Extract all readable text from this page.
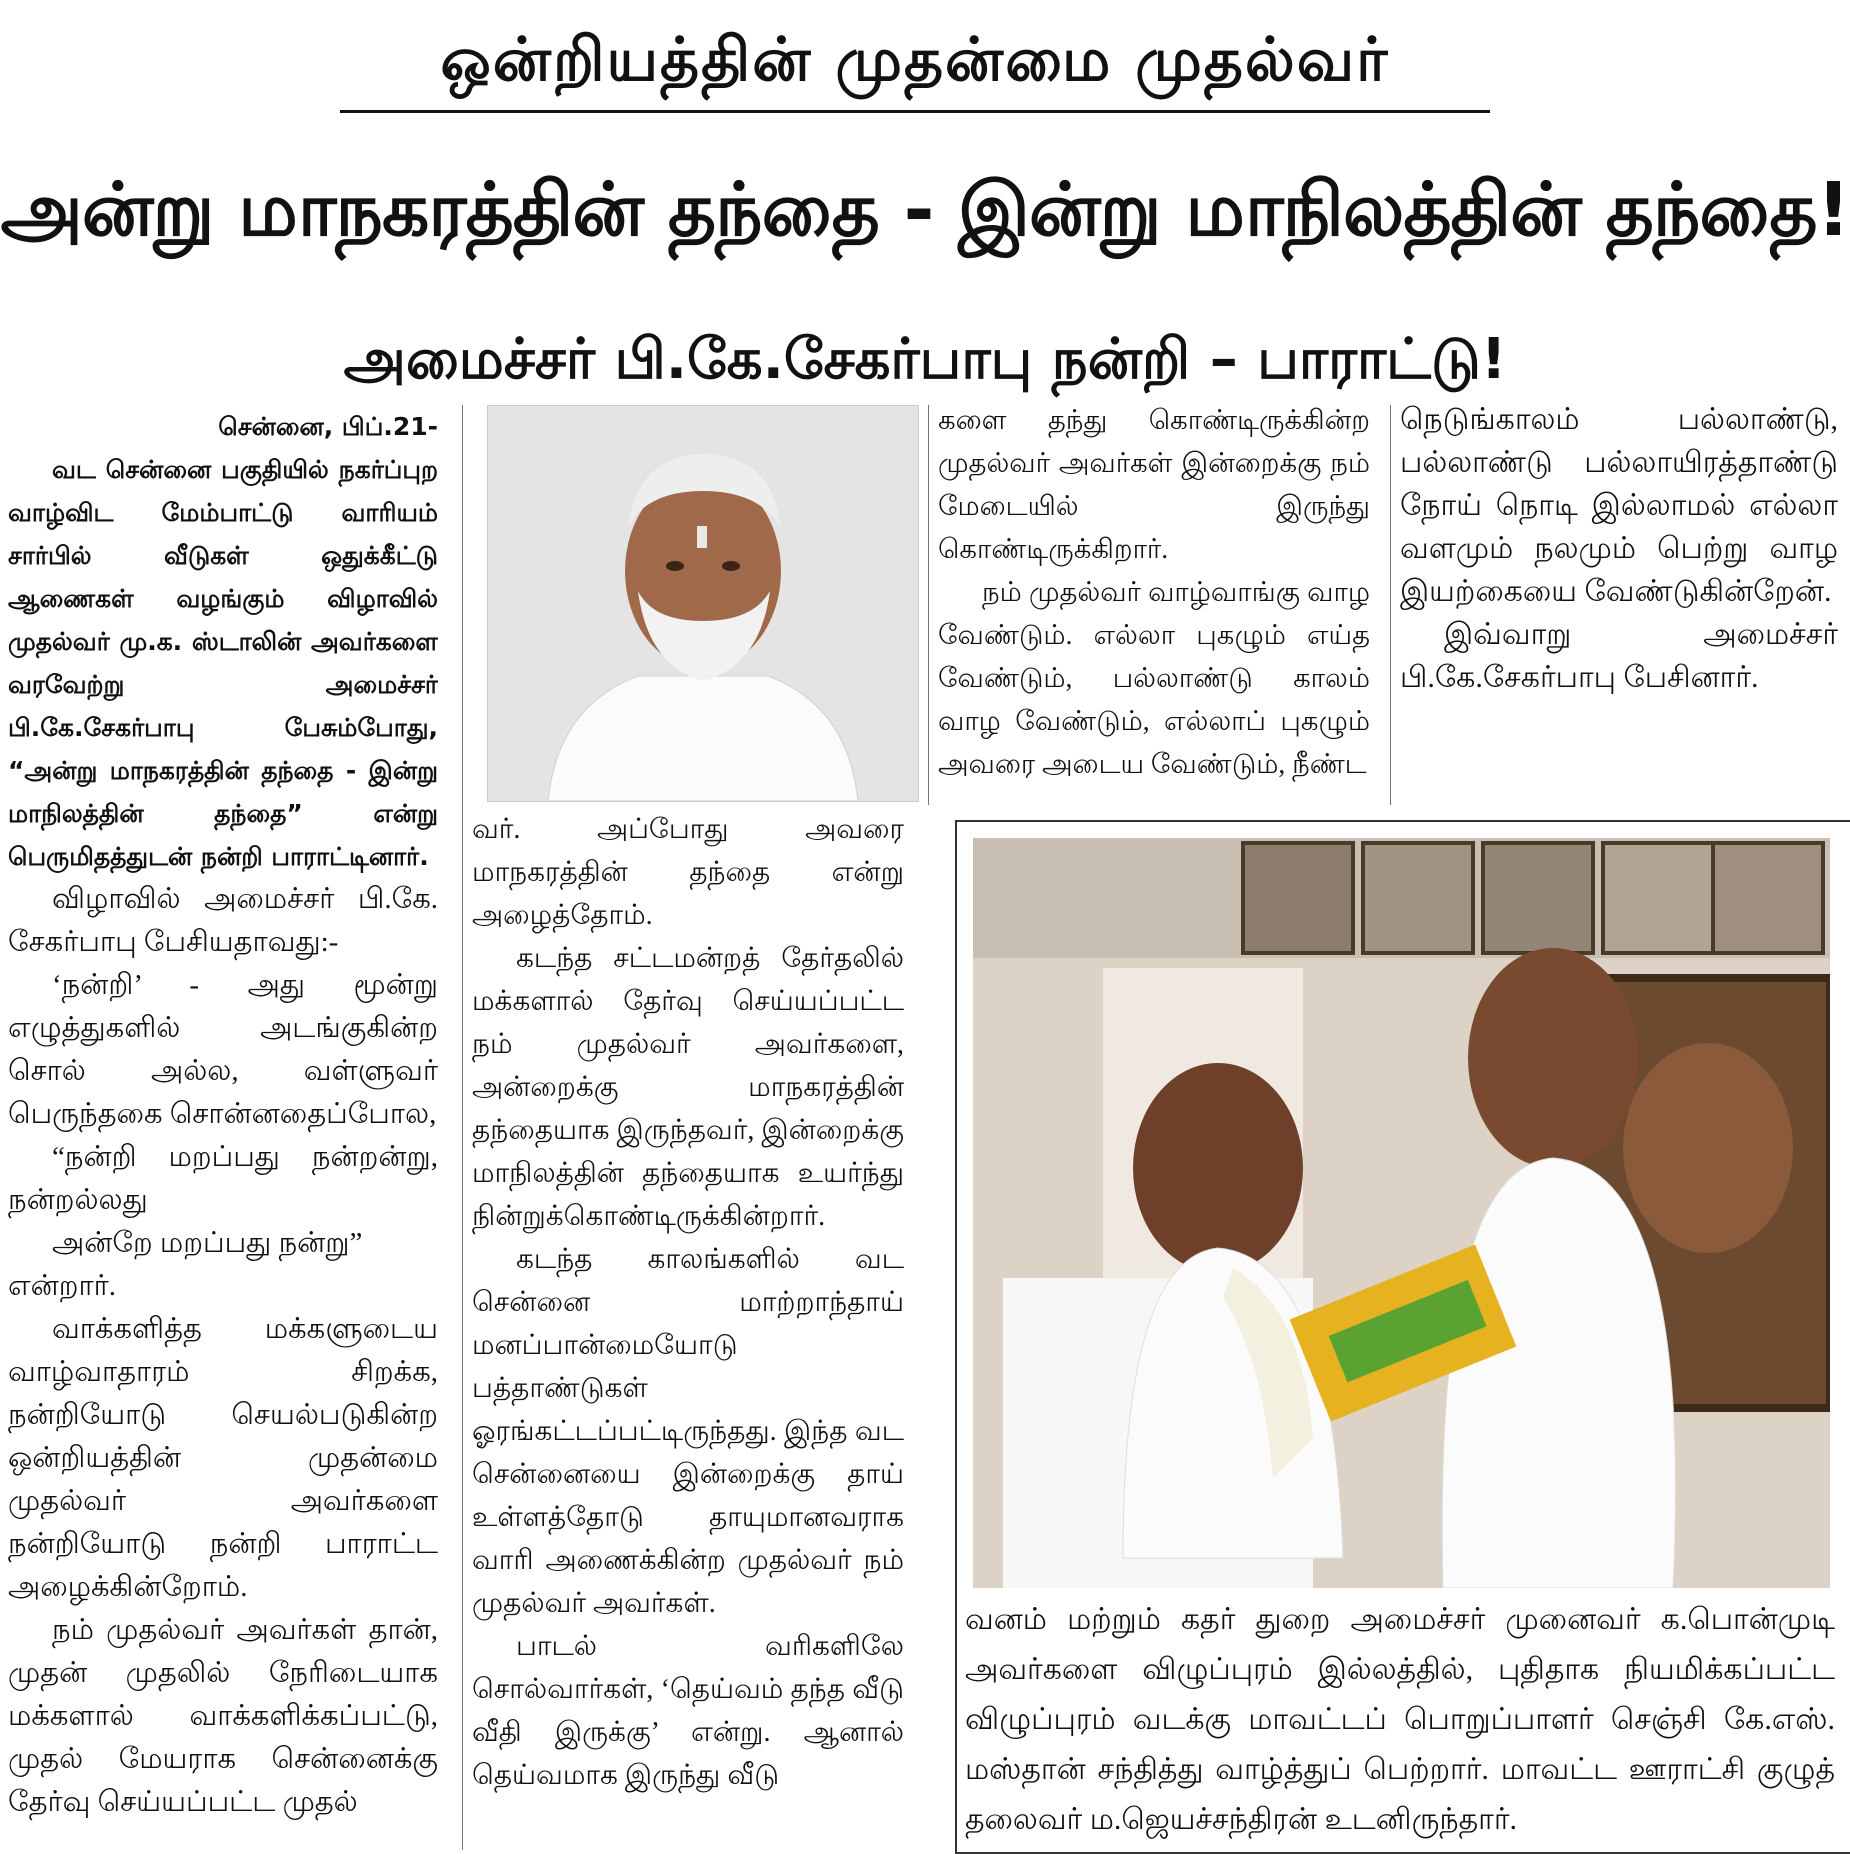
ஒன்றியத்தின் முதன்மை முதல்வர்
அன்று மாநகரத்தின் தந்தை - இன்று மாநிலத்தின் தந்தை!
அமைச்சர் பி.கே.சேகர்பாபு நன்றி – பாராட்டு!
சென்னை, பிப்.21-

வட சென்னை பகுதியில் நகர்ப்புற வாழ்விட மேம்பாட்டு வாரியம் சார்பில் வீடுகள் ஒதுக்கீட்டு ஆணைகள் வழங்கும் விழாவில் முதல்வர் மு.க. ஸ்டாலின் அவர்களை வரவேற்று அமைச்சர் பி.கே.சேகர்பாபு பேசும்போது, “அன்று மாநகரத்தின் தந்தை - இன்று மாநிலத்தின் தந்தை” என்று பெருமிதத்துடன் நன்றி பாராட்டினார்.

விழாவில் அமைச்சர் பி.கே. சேகர்பாபு பேசியதாவது:-

‘நன்றி’ - அது மூன்று எழுத்துகளில் அடங்குகின்ற சொல் அல்ல, வள்ளுவர் பெருந்தகை சொன்னதைப்போல,

“நன்றி மறப்பது நன்றன்று, நன்றல்லது

அன்றே மறப்பது நன்று”

என்றார்.

வாக்களித்த மக்களுடைய வாழ்வாதாரம் சிறக்க, நன்றியோடு செயல்படுகின்ற ஒன்றியத்தின் முதன்மை முதல்வர் அவர்களை நன்றியோடு நன்றி பாராட்ட அழைக்கின்றோம்.

நம் முதல்வர் அவர்கள் தான், முதன் முதலில் நேரிடையாக மக்களால் வாக்களிக்கப்பட்டு, முதல் மேயராக சென்னைக்கு தேர்வு செய்யப்பட்ட முதல்

வர். அப்போது அவரை மாநகரத்தின் தந்தை என்று அழைத்தோம்.

கடந்த சட்டமன்றத் தேர்தலில் மக்களால் தேர்வு செய்யப்பட்ட நம் முதல்வர் அவர்களை, அன்றைக்கு மாநகரத்தின் தந்தையாக இருந்தவர், இன்றைக்கு மாநிலத்தின் தந்தையாக உயர்ந்து நின்றுக்கொண்டிருக்கின்றார்.

கடந்த காலங்களில் வட சென்னை மாற்றாந்தாய் மனப்பான்மையோடு பத்தாண்டுகள் ஓரங்கட்டப்பட்டிருந்தது. இந்த வட சென்னையை இன்றைக்கு தாய் உள்ளத்தோடு தாயுமானவராக வாரி அணைக்கின்ற முதல்வர் நம் முதல்வர் அவர்கள்.

பாடல் வரிகளிலே சொல்வார்கள், ‘தெய்வம் தந்த வீடு வீதி இருக்கு’ என்று. ஆனால் தெய்வமாக இருந்து வீடு

களை தந்து கொண்டிருக்கின்ற முதல்வர் அவர்கள் இன்றைக்கு நம் மேடையில் இருந்து கொண்டிருக்கிறார்.

நம் முதல்வர் வாழ்வாங்கு வாழ வேண்டும். எல்லா புகழும் எய்த வேண்டும், பல்லாண்டு காலம் வாழ வேண்டும், எல்லாப் புகழும் அவரை அடைய வேண்டும், நீண்ட

நெடுங்காலம் பல்லாண்டு, பல்லாண்டு பல்லாயிரத்தாண்டு நோய் நொடி இல்லாமல் எல்லா வளமும் நலமும் பெற்று வாழ இயற்கையை வேண்டுகின்றேன்.

இவ்வாறு அமைச்சர் பி.கே.சேகர்பாபு பேசினார்.

வனம் மற்றும் கதர் துறை அமைச்சர் முனைவர் க.பொன்முடி அவர்களை விழுப்புரம் இல்லத்தில், புதிதாக நியமிக்கப்பட்ட விழுப்புரம் வடக்கு மாவட்டப் பொறுப்பாளர் செஞ்சி கே.எஸ். மஸ்தான் சந்தித்து வாழ்த்துப் பெற்றார். மாவட்ட ஊராட்சி குழுத் தலைவர் ம.ஜெயச்சந்திரன் உடனிருந்தார்.
